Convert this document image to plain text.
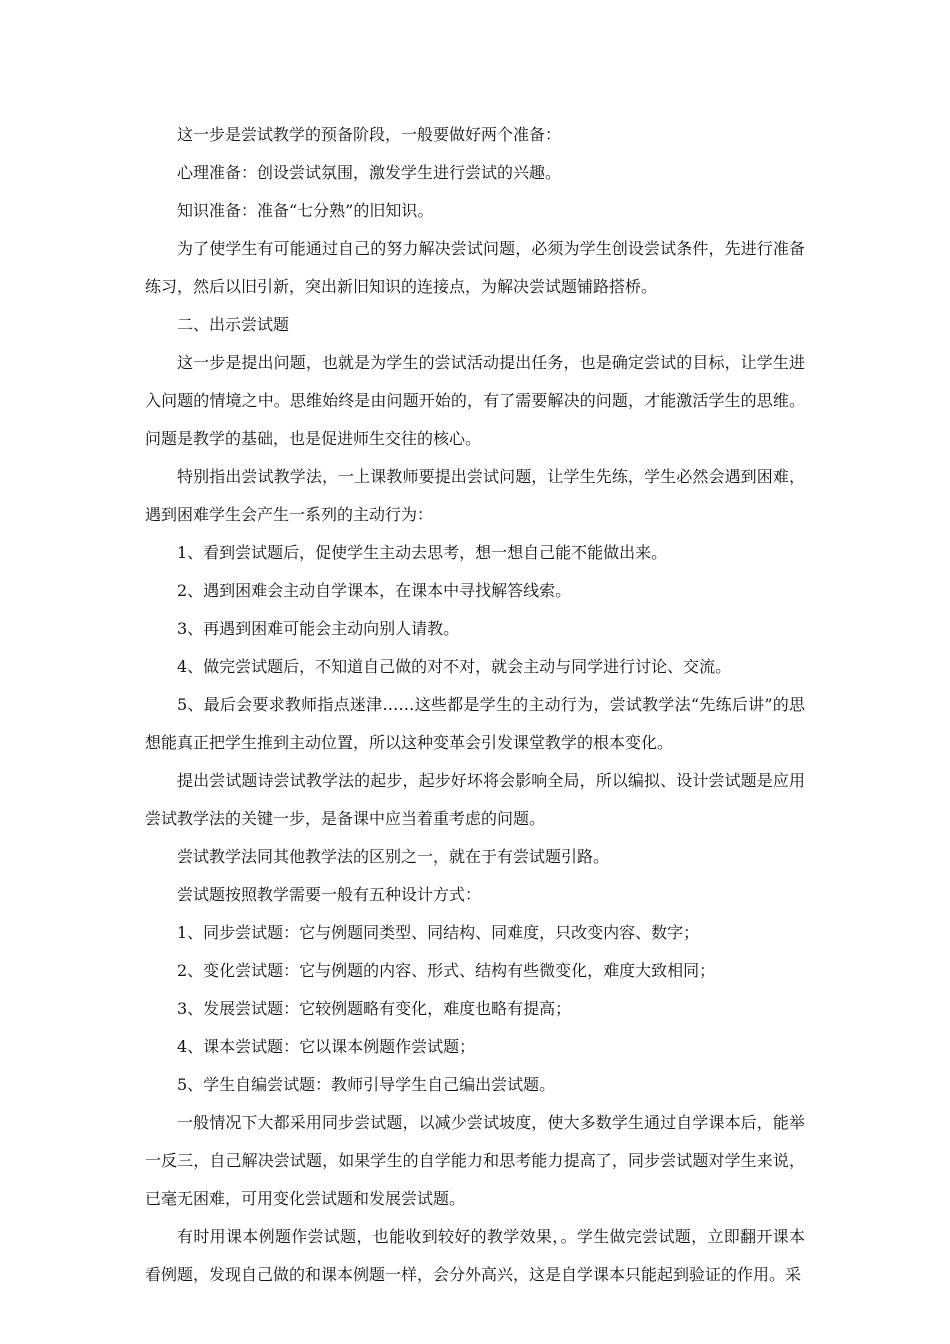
这一步是尝试教学的预备阶段，一般要做好两个准备：

心理准备：创设尝试氛围，激发学生进行尝试的兴趣。

知识准备：准备“七分熟”的旧知识。

为了使学生有可能通过自己的努力解决尝试问题，必须为学生创设尝试条件，先进行准备练习，然后以旧引新，突出新旧知识的连接点，为解决尝试题铺路搭桥。

二、出示尝试题

这一步是提出问题，也就是为学生的尝试活动提出任务，也是确定尝试的目标，让学生进入问题的情境之中。思维始终是由问题开始的，有了需要解决的问题，才能激活学生的思维。问题是教学的基础，也是促进师生交往的核心。

特别指出尝试教学法，一上课教师要提出尝试问题，让学生先练，学生必然会遇到困难，遇到困难学生会产生一系列的主动行为：

1、看到尝试题后，促使学生主动去思考，想一想自己能不能做出来。

2、遇到困难会主动自学课本，在课本中寻找解答线索。

3、再遇到困难可能会主动向别人请教。

4、做完尝试题后，不知道自己做的对不对，就会主动与同学进行讨论、交流。

5、最后会要求教师指点迷津……这些都是学生的主动行为，尝试教学法“先练后讲”的思想能真正把学生推到主动位置，所以这种变革会引发课堂教学的根本变化。

提出尝试题诗尝试教学法的起步，起步好坏将会影响全局，所以编拟、设计尝试题是应用尝试教学法的关键一步，是备课中应当着重考虑的问题。

尝试教学法同其他教学法的区别之一，就在于有尝试题引路。

尝试题按照教学需要一般有五种设计方式：

1、同步尝试题：它与例题同类型、同结构、同难度，只改变内容、数字；

2、变化尝试题：它与例题的内容、形式、结构有些微变化，难度大致相同；

3、发展尝试题：它较例题略有变化，难度也略有提高；

4、课本尝试题：它以课本例题作尝试题；

5、学生自编尝试题：教师引导学生自己编出尝试题。

一般情况下大都采用同步尝试题，以减少尝试坡度，使大多数学生通过自学课本后，能举一反三，自己解决尝试题，如果学生的自学能力和思考能力提高了，同步尝试题对学生来说，已毫无困难，可用变化尝试题和发展尝试题。

有时用课本例题作尝试题，也能收到较好的教学效果，。学生做完尝试题，立即翻开课本看例题，发现自己做的和课本例题一样，会分外高兴，这是自学课本只能起到验证的作用。采
